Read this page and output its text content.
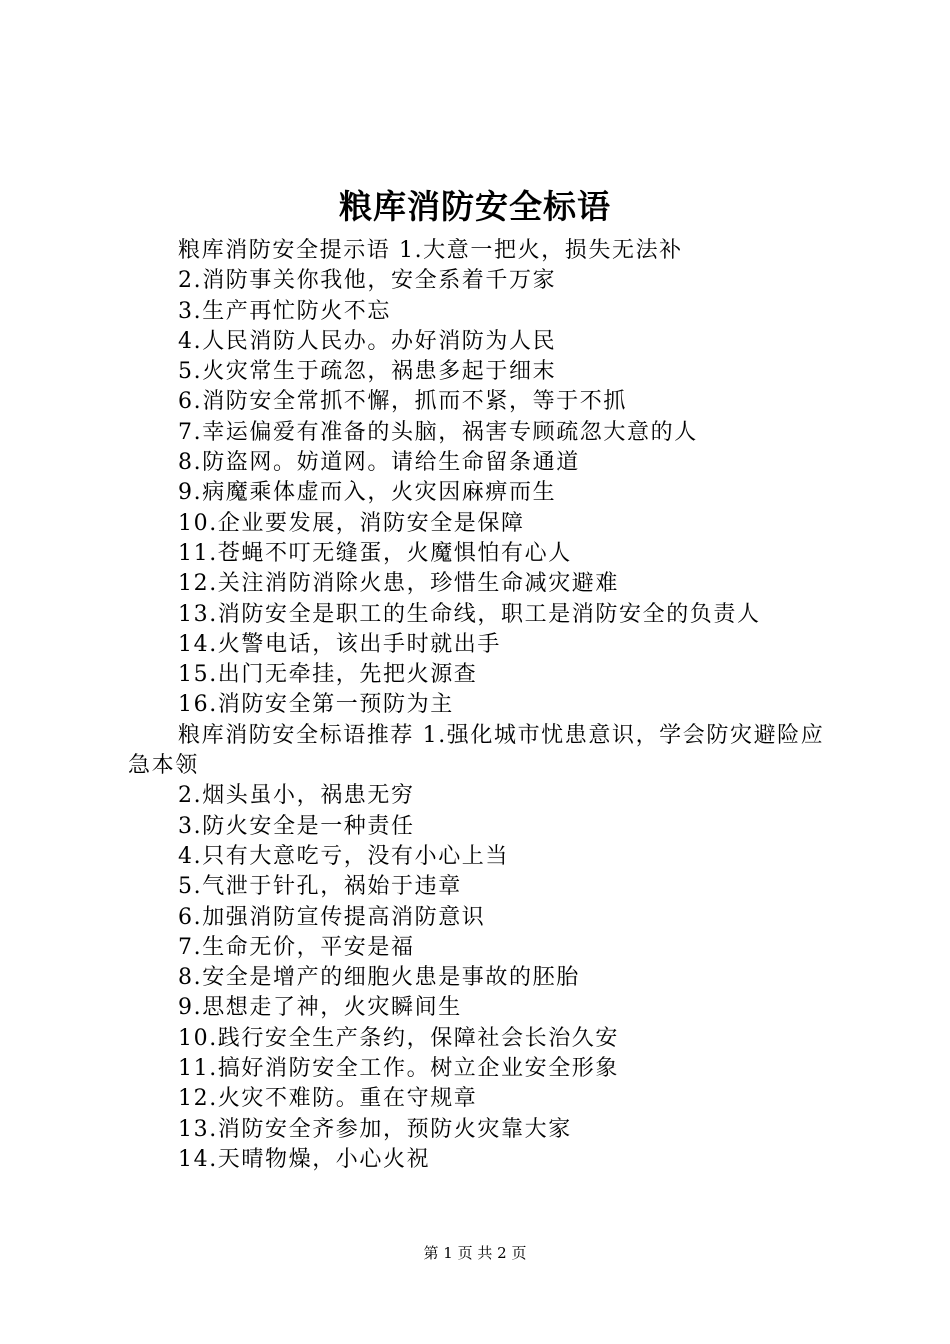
粮库消防安全标语

粮库消防安全提示语 1.大意一把火，损失无法补

2.消防事关你我他，安全系着千万家

3.生产再忙防火不忘

4.人民消防人民办。办好消防为人民

5.火灾常生于疏忽，祸患多起于细末

6.消防安全常抓不懈，抓而不紧，等于不抓

7.幸运偏爱有准备的头脑，祸害专顾疏忽大意的人

8.防盗网。妨道网。请给生命留条通道

9.病魔乘体虚而入，火灾因麻痹而生

10.企业要发展，消防安全是保障

11.苍蝇不叮无缝蛋，火魔惧怕有心人

12.关注消防消除火患，珍惜生命减灾避难

13.消防安全是职工的生命线，职工是消防安全的负责人

14.火警电话，该出手时就出手

15.出门无牵挂，先把火源查

16.消防安全第一预防为主

粮库消防安全标语推荐 1.强化城市忧患意识，学会防灾避险应急本领

2.烟头虽小，祸患无穷

3.防火安全是一种责任

4.只有大意吃亏，没有小心上当

5.气泄于针孔，祸始于违章

6.加强消防宣传提高消防意识

7.生命无价，平安是福

8.安全是增产的细胞火患是事故的胚胎

9.思想走了神，火灾瞬间生

10.践行安全生产条约，保障社会长治久安

11.搞好消防安全工作。树立企业安全形象

12.火灾不难防。重在守规章

13.消防安全齐参加，预防火灾靠大家

14.天晴物燥，小心火祝

第 1 页 共 2 页
